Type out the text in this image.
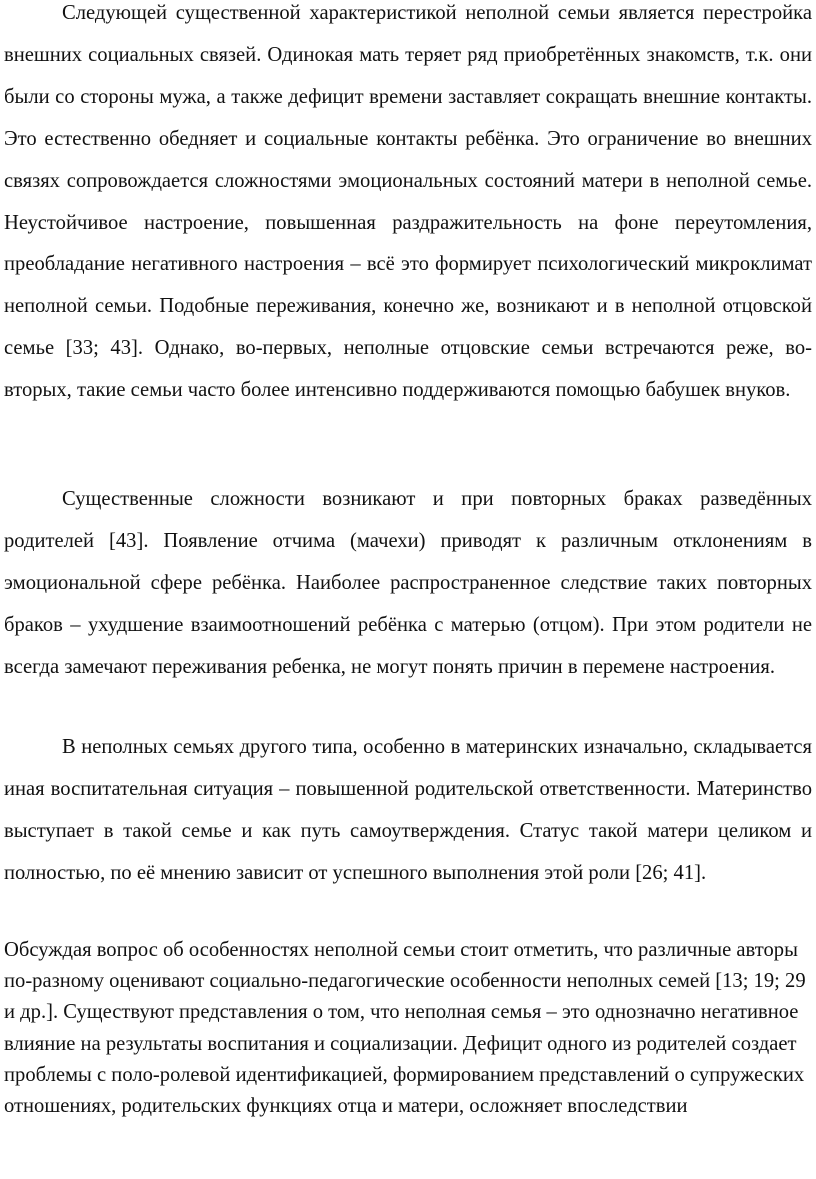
Следующей существенной характеристикой неполной семьи является перестройка внешних социальных связей. Одинокая мать теряет ряд приобретённых знакомств, т.к. они были со стороны мужа, а также дефицит времени заставляет сокращать внешние контакты. Это естественно обедняет и социальные контакты ребёнка. Это ограничение во внешних связях сопровождается сложностями эмоциональных состояний матери в неполной семье. Неустойчивое настроение, повышенная раздражительность на фоне переутомления, преобладание негативного настроения – всё это формирует психологический микроклимат неполной семьи. Подобные переживания, конечно же, возникают и в неполной отцовской семье [33; 43]. Однако, во-первых, неполные отцовские семьи встречаются реже, во-вторых, такие семьи часто более интенсивно поддерживаются помощью бабушек внуков.

Существенные сложности возникают и при повторных браках разведённых родителей [43]. Появление отчима (мачехи) приводят к различным отклонениям в эмоциональной сфере ребёнка. Наиболее распространенное следствие таких повторных браков – ухудшение взаимоотношений ребёнка с матерью (отцом). При этом родители не всегда замечают переживания ребенка, не могут понять причин в перемене настроения.

В неполных семьях другого типа, особенно в материнских изначально, складывается иная воспитательная ситуация – повышенной родительской ответственности. Материнство выступает в такой семье и как путь самоутверждения. Статус такой матери целиком и полностью, по её мнению зависит от успешного выполнения этой роли [26; 41].

Обсуждая вопрос об особенностях неполной семьи стоит отметить, что различные авторы по-разному оценивают социально-педагогические особенности неполных семей [13; 19; 29 и др.]. Существуют представления о том, что неполная семья – это однозначно негативное влияние на результаты воспитания и социализации. Дефицит одного из родителей создает проблемы с поло-ролевой идентификацией, формированием представлений о супружеских отношениях, родительских функциях отца и матери, осложняет впоследствии
